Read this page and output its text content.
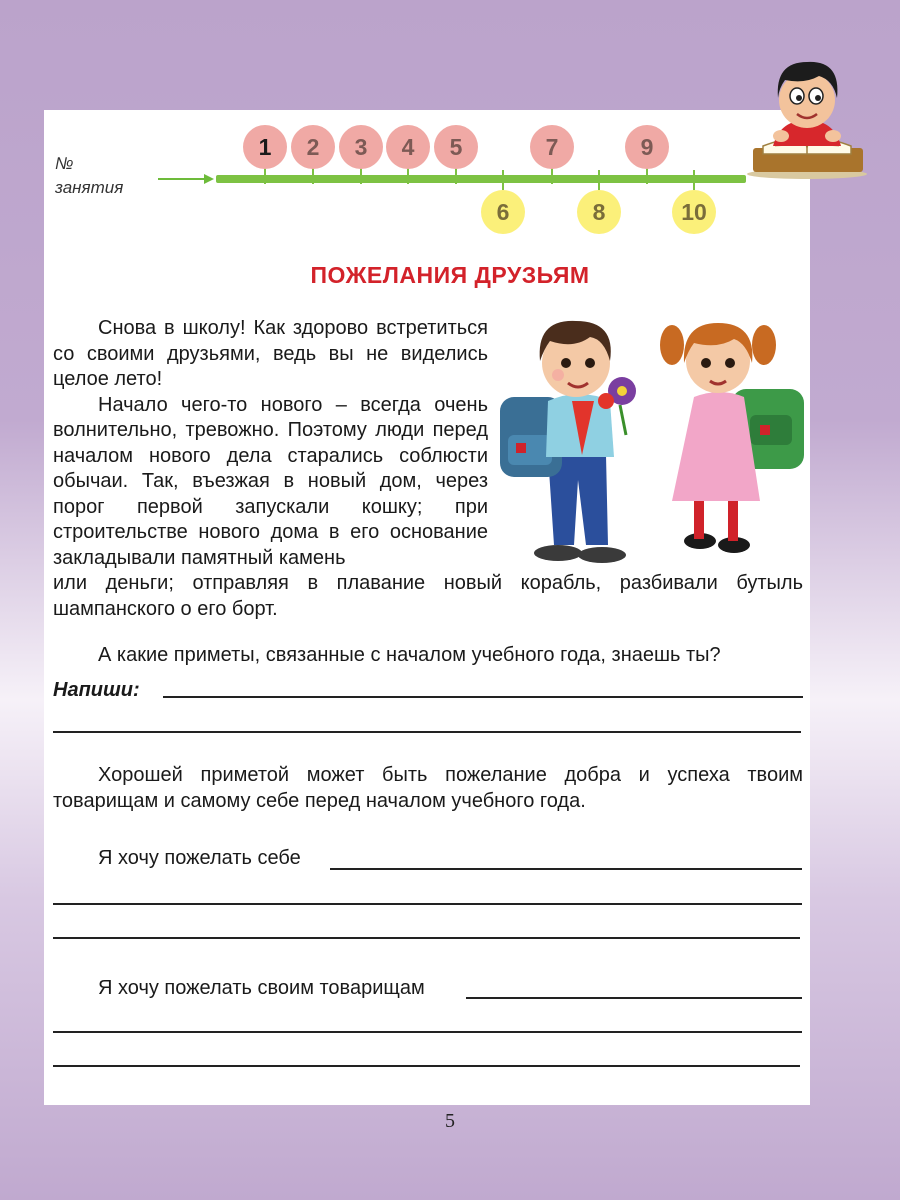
№
занятия
1	2	3	4	5	7	9
6	8	10
ПОЖЕЛАНИЯ ДРУЗЬЯМ

Снова в школу! Как здорово встретиться со своими друзьями, ведь вы не виделись целое лето!

Начало чего-то нового – всегда очень волнительно, тревожно. Поэтому люди перед началом нового дела старались соблюсти обычаи. Так, въезжая в новый дом, через порог первой запускали кошку; при строительстве нового дома в его основание закладывали памятный камень

или деньги; отправляя в плавание новый корабль, разбивали бутыль шампанского о его борт.

А какие приметы, связанные с началом учебного года, знаешь ты?

Напиши:

Хорошей приметой может быть пожелание добра и успеха твоим товарищам и самому себе перед началом учебного года.

Я хочу пожелать себе
Я хочу пожелать своим товарищам
5
